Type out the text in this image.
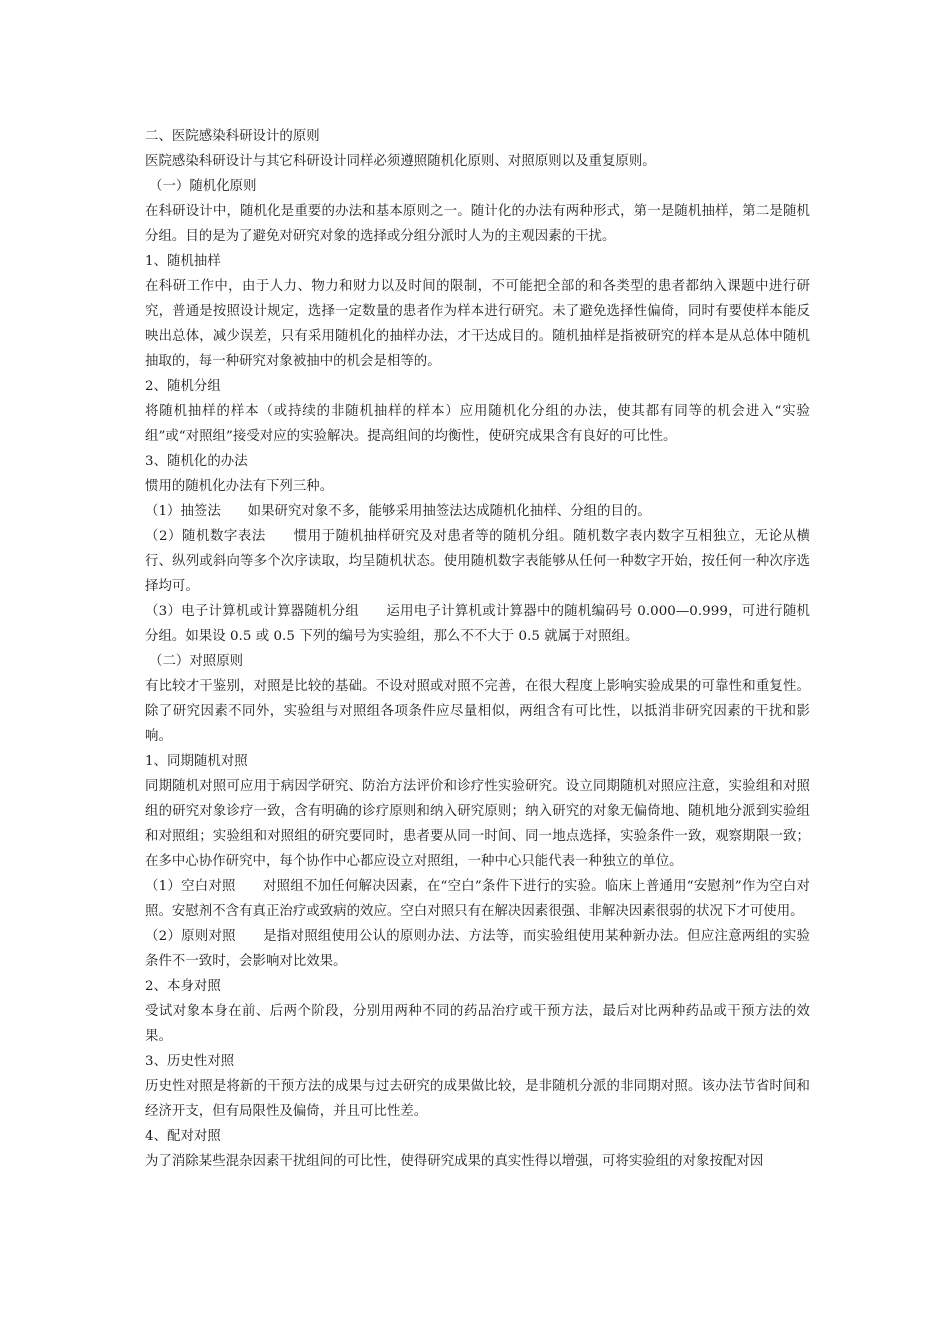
二、医院感染科研设计的原则

医院感染科研设计与其它科研设计同样必须遵照随机化原则、对照原则以及重复原则。

（一）随机化原则

在科研设计中，随机化是重要的办法和基本原则之一。随计化的办法有两种形式，第一是随机抽样，第二是随机分组。目的是为了避免对研究对象的选择或分组分派时人为的主观因素的干扰。

1、随机抽样

在科研工作中，由于人力、物力和财力以及时间的限制，不可能把全部的和各类型的患者都纳入课题中进行研究，普通是按照设计规定，选择一定数量的患者作为样本进行研究。未了避免选择性偏倚，同时有要使样本能反映出总体，减少误差，只有采用随机化的抽样办法，才干达成目的。随机抽样是指被研究的样本是从总体中随机抽取的，每一种研究对象被抽中的机会是相等的。

2、随机分组

将随机抽样的样本（或持续的非随机抽样的样本）应用随机化分组的办法，使其都有同等的机会进入“实验组”或“对照组”接受对应的实验解决。提高组间的均衡性，使研究成果含有良好的可比性。

3、随机化的办法

惯用的随机化办法有下列三种。

（1）抽签法　　如果研究对象不多，能够采用抽签法达成随机化抽样、分组的目的。

（2）随机数字表法　　惯用于随机抽样研究及对患者等的随机分组。随机数字表内数字互相独立，无论从横行、纵列或斜向等多个次序读取，均呈随机状态。使用随机数字表能够从任何一种数字开始，按任何一种次序选择均可。

（3）电子计算机或计算器随机分组　　运用电子计算机或计算器中的随机编码号 0.000—0.999，可进行随机分组。如果设 0.5 或 0.5 下列的编号为实验组，那么不不大于 0.5 就属于对照组。

（二）对照原则

有比较才干鉴别，对照是比较的基础。不设对照或对照不完善，在很大程度上影响实验成果的可靠性和重复性。除了研究因素不同外，实验组与对照组各项条件应尽量相似，两组含有可比性，以抵消非研究因素的干扰和影响。

1、同期随机对照

同期随机对照可应用于病因学研究、防治方法评价和诊疗性实验研究。设立同期随机对照应注意，实验组和对照组的研究对象诊疗一致，含有明确的诊疗原则和纳入研究原则；纳入研究的对象无偏倚地、随机地分派到实验组和对照组；实验组和对照组的研究要同时，患者要从同一时间、同一地点选择，实验条件一致，观察期限一致；在多中心协作研究中，每个协作中心都应设立对照组，一种中心只能代表一种独立的单位。

（1）空白对照　　对照组不加任何解决因素，在“空白”条件下进行的实验。临床上普通用“安慰剂”作为空白对照。安慰剂不含有真正治疗或致病的效应。空白对照只有在解决因素很强、非解决因素很弱的状况下才可使用。

（2）原则对照　　是指对照组使用公认的原则办法、方法等，而实验组使用某种新办法。但应注意两组的实验条件不一致时，会影响对比效果。

2、本身对照

受试对象本身在前、后两个阶段，分别用两种不同的药品治疗或干预方法，最后对比两种药品或干预方法的效果。

3、历史性对照

历史性对照是将新的干预方法的成果与过去研究的成果做比较，是非随机分派的非同期对照。该办法节省时间和经济开支，但有局限性及偏倚，并且可比性差。

4、配对对照

为了消除某些混杂因素干扰组间的可比性，使得研究成果的真实性得以增强，可将实验组的对象按配对因
